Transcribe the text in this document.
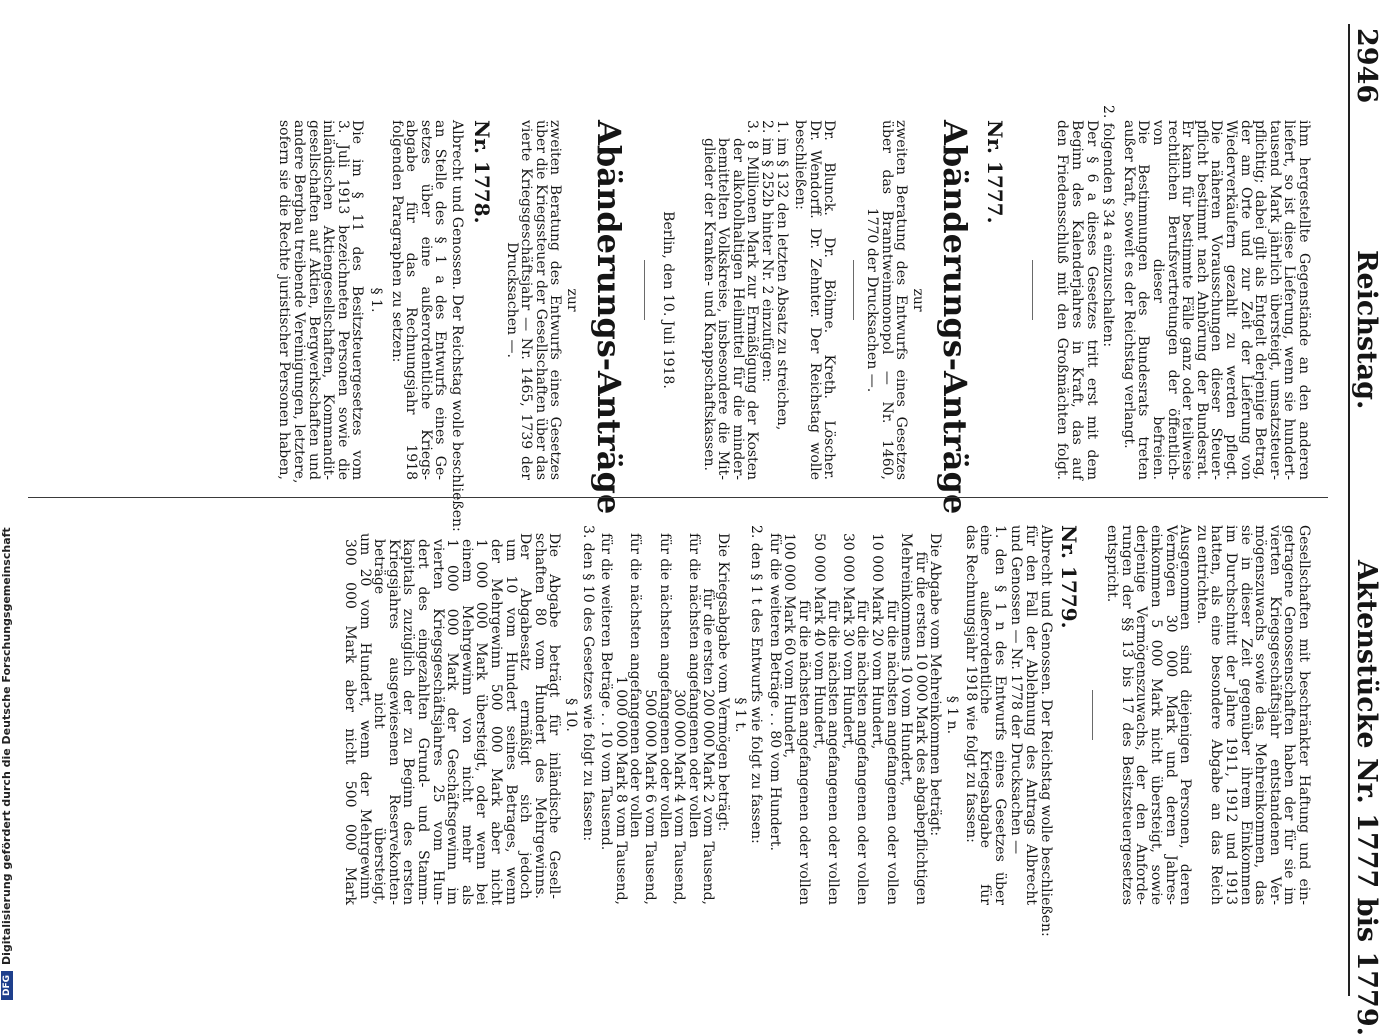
2946
Reichstag.
Aktenstücke Nr. 1777 bis 1779.
ihm hergestellte Gegenstände an den anderen
liefert, so ist diese Lieferung, wenn sie hundert-
tausend Mark jährlich übersteigt, umsatzsteuer-
pflichtig; dabei gilt als Entgelt derjenige Betrag,
der am Orte und zur Zeit der Lieferung von
Wiederverkäufern gezahlt zu werden pflegt.
Die näheren Vorausschungen dieser Steuer-
pflicht bestimmt nach Anhörung der Bundesrat.
Er kann für bestimmte Fälle ganz oder teilweise
rechtlichen Berufsvertretungen der öffentlich-
von dieser befreien.
Die Bestimmungen des Bundesrats treten
außer Kraft, soweit es der Reichstag verlangt.
2. folgenden § 34 a einzuschalten:
Der § 6 a dieses Gesetzes tritt erst mit dem
Beginn des Kalenderjahres in Kraft, das auf
den Friedensschluß mit den Großmächten folgt.
Nr. 1777.
Abänderungs-Anträge
zur
zweiten Beratung des Entwurfs eines Gesetzes
über das Branntweinmonopol — Nr. 1460,
1770 der Drucksachen —.
Dr. Blunck. Dr. Böhme. Kreth. Löscher.
Dr. Wendorff. Dr. Zehnter. Der Reichstag wolle
beschließen:
1. im § 132 den letzten Absatz zu streichen,
2. im § 252b hinter Nr. 2 einzufügen:
3. 8 Millionen Mark zur Ermäßigung der Kosten
der alkoholhaltigen Heilmittel für die minder-
bemittelten Volkskreise, insbesondere die Mit-
glieder der Kranken- und Knappschaftskassen.
Berlin, den 10. Juli 1918.
Abänderungs-Anträge
zur
zweiten Beratung des Entwurfs eines Gesetzes
über die Kriegssteuer der Gesellschaften über das
vierte Kriegsgeschäftsjahr — Nr. 1465, 1739 der
Drucksachen —.
Nr. 1778.
Albrecht und Genossen. Der Reichstag wolle beschließen:
an Stelle des § 1 a des Entwurfs eines Ge-
setzes über eine außerordentliche Kriegs-
abgabe für das Rechnungsjahr 1918
folgenden Paragraphen zu setzen:
§ 1.
Die im § 11 des Besitzsteuergesetzes vom
3. Juli 1913 bezeichneten Personen sowie die
inländischen Aktiengesellschaften, Kommandit-
gesellschaften auf Aktien, Bergwerkschaften und
andere Bergbau treibende Vereinigungen, letztere,
sofern sie die Rechte juristischer Personen haben,
Gesellschaften mit beschränkter Haftung und ein-
getragene Genossenschaften haben der für sie im
vierten Kriegsgeschäftsjahr entstandenen Ver-
mögenszuwachs sowie das Mehreinkommen, das
sie in dieser Zeit gegenüber ihrem Einkommen
im Durchschnitt der Jahre 1911, 1912 und 1913
hatten, als eine besondere Abgabe an das Reich
zu entrichten.
Ausgenommen sind diejenigen Personen, deren
Vermögen 30 000 Mark und deren Jahres-
einkommen 5 000 Mark nicht übersteigt, sowie
derjenige Vermögenszuwachs, der den Anforde-
rungen der §§ 13 bis 17 des Besitzsteuergesetzes
entspricht.
Nr. 1779.
Albrecht und Genossen. Der Reichstag wolle beschließen:
für den Fall der Ablehnung des Antrags Albrecht
und Genossen — Nr. 1778 der Drucksachen —
1. den § 1 n des Entwurfs eines Gesetzes über
eine außerordentliche Kriegsabgabe für
das Rechnungsjahr 1918 wie folgt zu fassen:
§ 1 n.
Die Abgabe vom Mehreinkommen beträgt:
für die ersten 10 000 Mark des abgabepflichtigen
Mehreinkommens 10 vom Hundert,
für die nächsten angefangenen oder vollen
10 000 Mark 20 vom Hundert,
für die nächsten angefangenen oder vollen
30 000 Mark 30 vom Hundert,
für die nächsten angefangenen oder vollen
50 000 Mark 40 vom Hundert,
für die nächsten angefangenen oder vollen
100 000 Mark 60 vom Hundert,
für die weiteren Beträge . . 80 vom Hundert.
2. den § 1 t des Entwurfs wie folgt zu fassen:
§ 1 t.
Die Kriegsabgabe vom Vermögen beträgt:
für die ersten 200 000 Mark 2 vom Tausend,
für die nächsten angefangenen oder vollen
300 000 Mark 4 vom Tausend,
für die nächsten angefangenen oder vollen
500 000 Mark 6 vom Tausend,
für die nächsten angefangenen oder vollen
1 000 000 Mark 8 vom Tausend,
für die weiteren Beträge . . 10 vom Tausend.
3. den § 10 des Gesetzes wie folgt zu fassen:
§ 10.
Die Abgabe beträgt für inländische Gesell-
schaften 80 vom Hundert des Mehrgewinns.
Der Abgabesatz ermäßigt sich jedoch
um 10 vom Hundert seines Betrages, wenn
der Mehrgewinn 500 000 Mark aber nicht
1 000 000 Mark übersteigt, oder wenn bei
einem Mehrgewinn von nicht mehr als
1 000 000 Mark der Geschäftsgewinn im
vierten Kriegsgeschäftsjahres 25 vom Hun-
dert des eingezahlten Grund- und Stamm-
kapitals zuzüglich der zu Beginn des ersten
Kriegsjahres ausgewiesenen Reservekonten-
beträge nicht übersteigt,
um 20 vom Hundert, wenn der Mehrgewinn
300 000 Mark aber nicht 500 000 Mark
DFGDigitalisierung gefördert durch die Deutsche Forschungsgemeinschaft
